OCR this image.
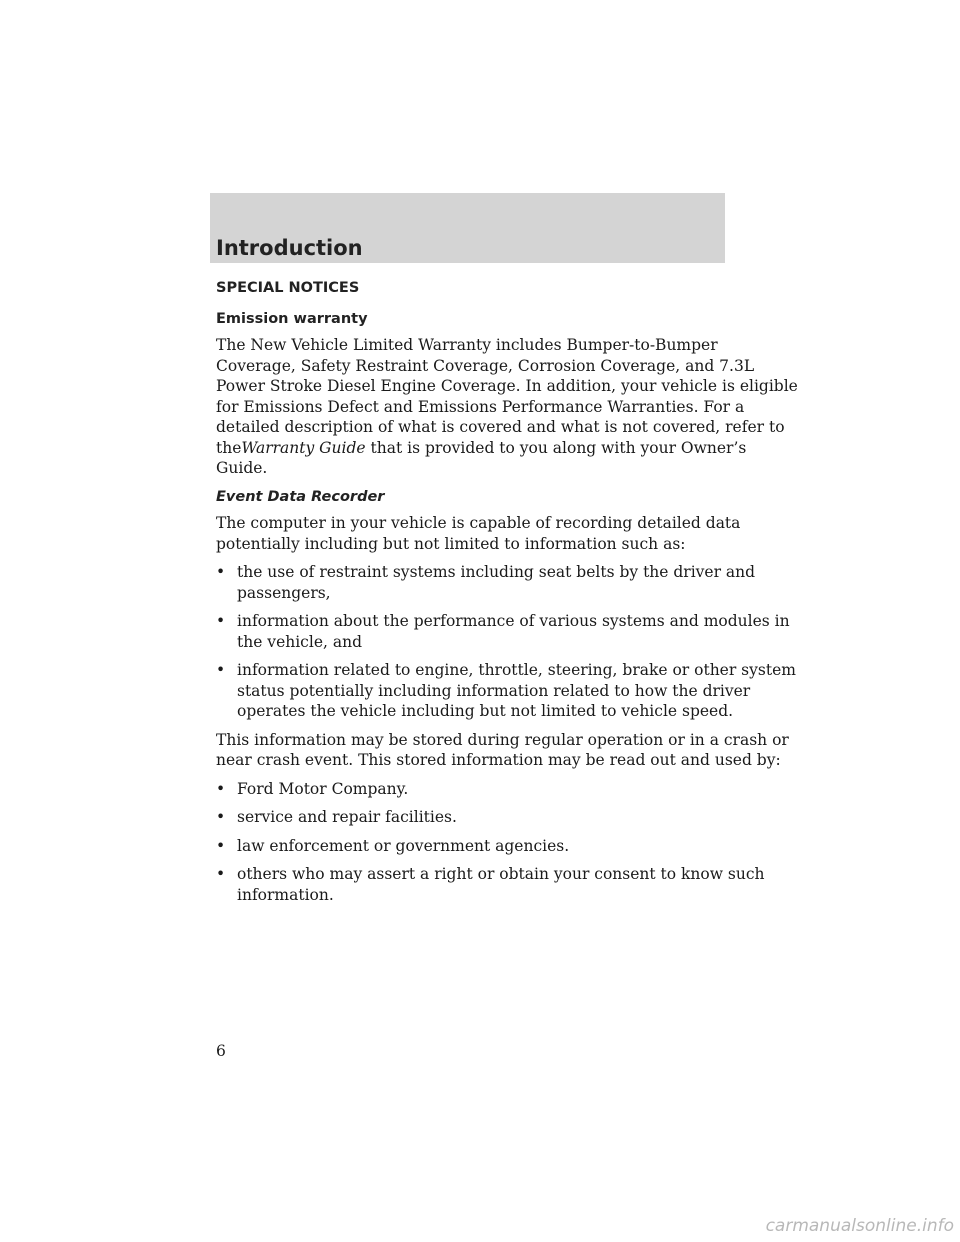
Introduction
SPECIAL NOTICES
Emission warranty

The New Vehicle Limited Warranty includes Bumper-to-Bumper
Coverage, Safety Restraint Coverage, Corrosion Coverage, and 7.3L
Power Stroke Diesel Engine Coverage. In addition, your vehicle is eligible
for Emissions Defect and Emissions Performance Warranties. For a
detailed description of what is covered and what is not covered, refer to
theWarranty Guide that is provided to you along with your Owner’s
Guide.

Event Data Recorder

The computer in your vehicle is capable of recording detailed data
potentially including but not limited to information such as:

• the use of restraint systems including seat belts by the driver and
passengers,
• information about the performance of various systems and modules in
the vehicle, and
• information related to engine, throttle, steering, brake or other system
status potentially including information related to how the driver
operates the vehicle including but not limited to vehicle speed.

This information may be stored during regular operation or in a crash or
near crash event. This stored information may be read out and used by:

• Ford Motor Company.
• service and repair facilities.
• law enforcement or government agencies.
• others who may assert a right or obtain your consent to know such
information.
6
carmanualsonline.info
